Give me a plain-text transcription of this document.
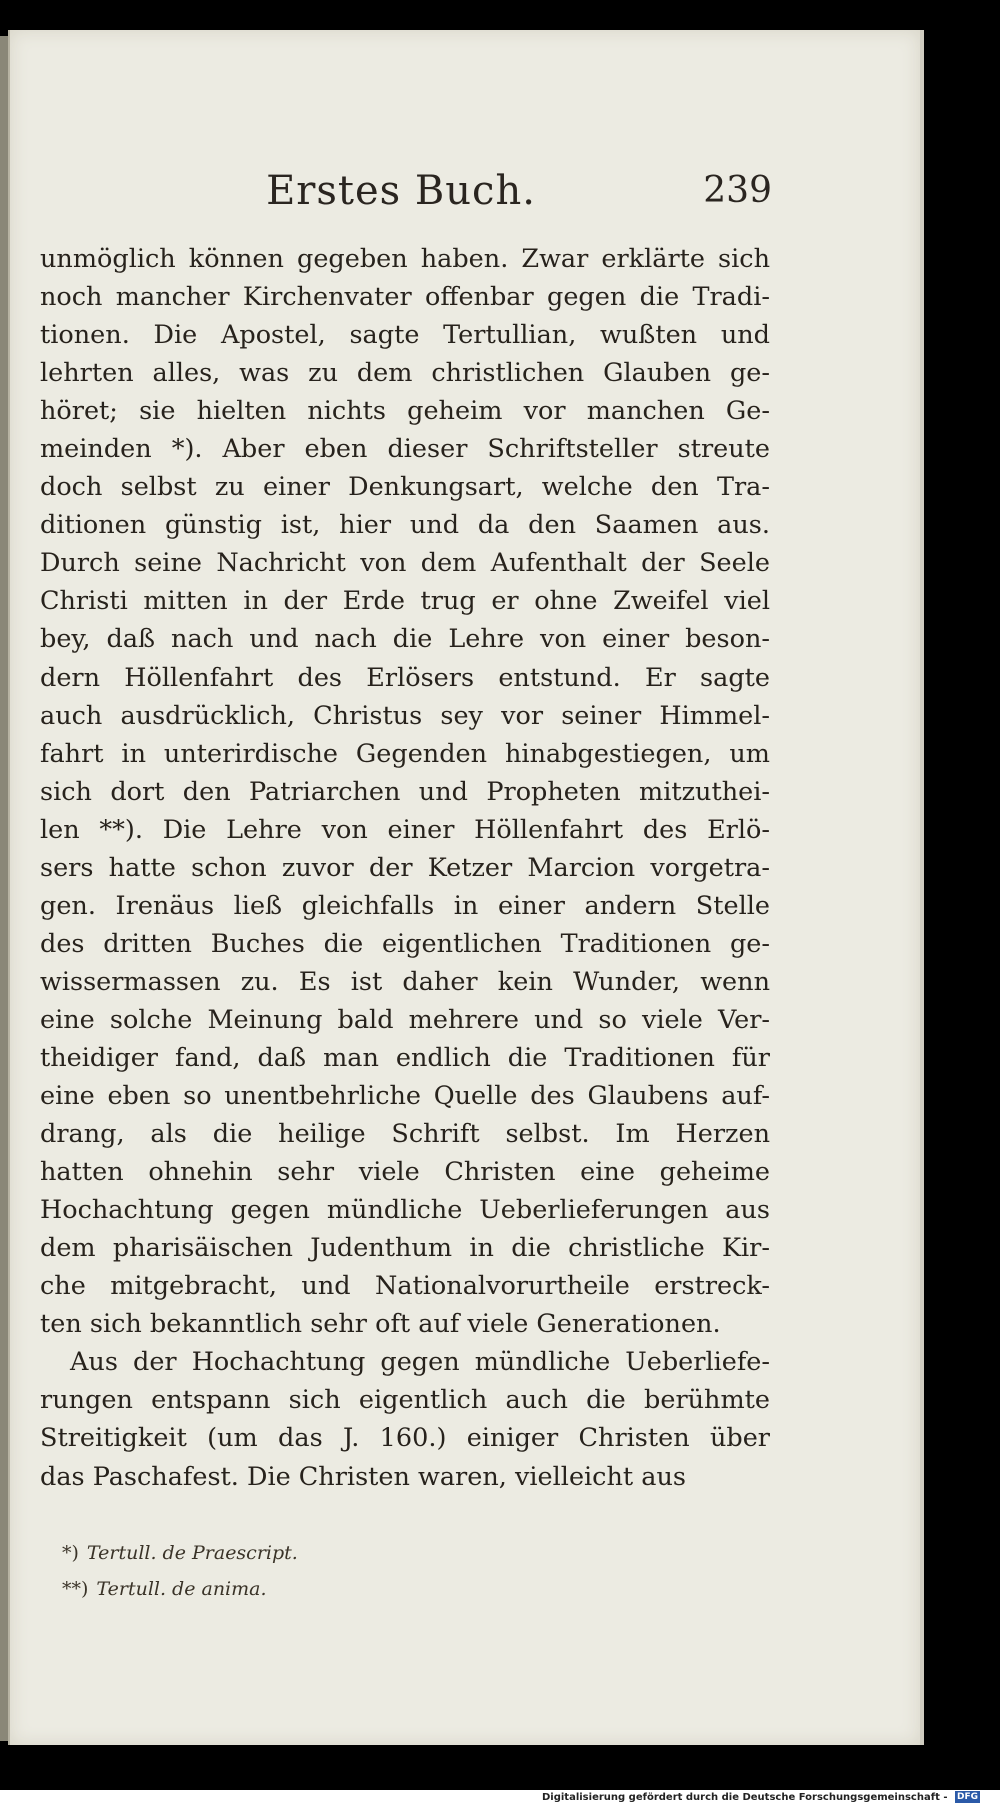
Erstes Buch.	239
unmöglich können gegeben haben. Zwar erklärte sich
noch mancher Kirchenvater offenbar gegen die Tradi-
tionen. Die Apostel, sagte Tertullian, wußten und
lehrten alles, was zu dem christlichen Glauben ge-
höret; sie hielten nichts geheim vor manchen Ge-
meinden *). Aber eben dieser Schriftsteller streute
doch selbst zu einer Denkungsart, welche den Tra-
ditionen günstig ist, hier und da den Saamen aus.
Durch seine Nachricht von dem Aufenthalt der Seele
Christi mitten in der Erde trug er ohne Zweifel viel
bey, daß nach und nach die Lehre von einer beson-
dern Höllenfahrt des Erlösers entstund. Er sagte
auch ausdrücklich, Christus sey vor seiner Himmel-
fahrt in unterirdische Gegenden hinabgestiegen, um
sich dort den Patriarchen und Propheten mitzuthei-
len **). Die Lehre von einer Höllenfahrt des Erlö-
sers hatte schon zuvor der Ketzer Marcion vorgetra-
gen. Irenäus ließ gleichfalls in einer andern Stelle
des dritten Buches die eigentlichen Traditionen ge-
wissermassen zu. Es ist daher kein Wunder, wenn
eine solche Meinung bald mehrere und so viele Ver-
theidiger fand, daß man endlich die Traditionen für
eine eben so unentbehrliche Quelle des Glaubens auf-
drang, als die heilige Schrift selbst. Im Herzen
hatten ohnehin sehr viele Christen eine geheime
Hochachtung gegen mündliche Ueberlieferungen aus
dem pharisäischen Judenthum in die christliche Kir-
che mitgebracht, und Nationalvorurtheile erstreck-
ten sich bekanntlich sehr oft auf viele Generationen.
Aus der Hochachtung gegen mündliche Ueberliefe-
rungen entspann sich eigentlich auch die berühmte
Streitigkeit (um das J. 160.) einiger Christen über
das Paschafest. Die Christen waren, vielleicht aus
*) Tertull. de Praescript.
**) Tertull. de anima.
Digitalisierung gefördert durch die Deutsche Forschungsgemeinschaft - DFG
